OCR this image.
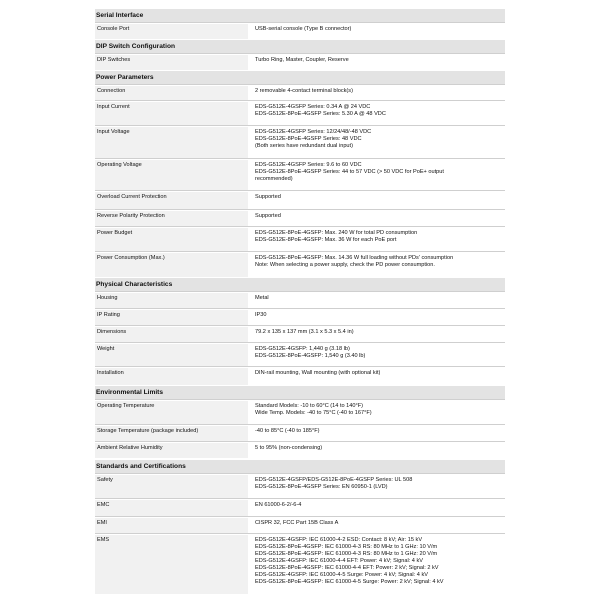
Serial Interface
Console Port	USB-serial console (Type B connector)
DIP Switch Configuration
DIP Switches	Turbo Ring, Master, Coupler, Reserve
Power Parameters
Connection	2 removable 4-contact terminal block(s)
Input Current	EDS-G512E-4GSFP Series: 0.34 A @ 24 VDC
EDS-G512E-8PoE-4GSFP Series: 5.30 A @ 48 VDC
Input Voltage	EDS-G512E-4GSFP Series: 12/24/48/-48 VDC
EDS-G512E-8PoE-4GSFP Series: 48 VDC
(Both series have redundant dual input)
Operating Voltage	EDS-G512E-4GSFP Series: 9.6 to 60 VDC
EDS-G512E-8PoE-4GSFP Series: 44 to 57 VDC (> 50 VDC for PoE+ output
recommended)
Overload Current Protection	Supported
Reverse Polarity Protection	Supported
Power Budget	EDS-G512E-8PoE-4GSFP: Max. 240 W for total PD consumption
EDS-G512E-8PoE-4GSFP: Max. 36 W for each PoE port
Power Consumption (Max.)	EDS-G512E-8PoE-4GSFP: Max. 14.36 W full loading without PDs' consumption
Note: When selecting a power supply, check the PD power consumption.
Physical Characteristics
Housing	Metal
IP Rating	IP30
Dimensions	79.2 x 135 x 137 mm (3.1 x 5.3 x 5.4 in)
Weight	EDS-G512E-4GSFP: 1,440 g (3.18 lb)
EDS-G512E-8PoE-4GSFP: 1,540 g (3.40 lb)
Installation	DIN-rail mounting, Wall mounting (with optional kit)
Environmental Limits
Operating Temperature	Standard Models: -10 to 60°C (14 to 140°F)
Wide Temp. Models: -40 to 75°C (-40 to 167°F)
Storage Temperature (package included)	-40 to 85°C (-40 to 185°F)
Ambient Relative Humidity	5 to 95% (non-condensing)
Standards and Certifications
Safety	EDS-G512E-4GSFP/EDS-G512E-8PoE-4GSFP Series: UL 508
EDS-G512E-8PoE-4GSFP Series: EN 60950-1 (LVD)
EMC	EN 61000-6-2/-6-4
EMI	CISPR 32, FCC Part 15B Class A
EMS	EDS-G512E-4GSFP: IEC 61000-4-2 ESD: Contact: 8 kV; Air: 15 kV
EDS-G512E-8PoE-4GSFP: IEC 61000-4-3 RS: 80 MHz to 1 GHz: 10 V/m
EDS-G512E-8PoE-4GSFP: IEC 61000-4-3 RS: 80 MHz to 1 GHz: 20 V/m
EDS-G512E-4GSFP: IEC 61000-4-4 EFT: Power: 4 kV; Signal: 4 kV
EDS-G512E-8PoE-4GSFP: IEC 61000-4-4 EFT: Power: 2 kV; Signal: 2 kV
EDS-G512E-4GSFP: IEC 61000-4-5 Surge: Power: 4 kV; Signal: 4 kV
EDS-G512E-8PoE-4GSFP: IEC 61000-4-5 Surge: Power: 2 kV; Signal: 4 kV
